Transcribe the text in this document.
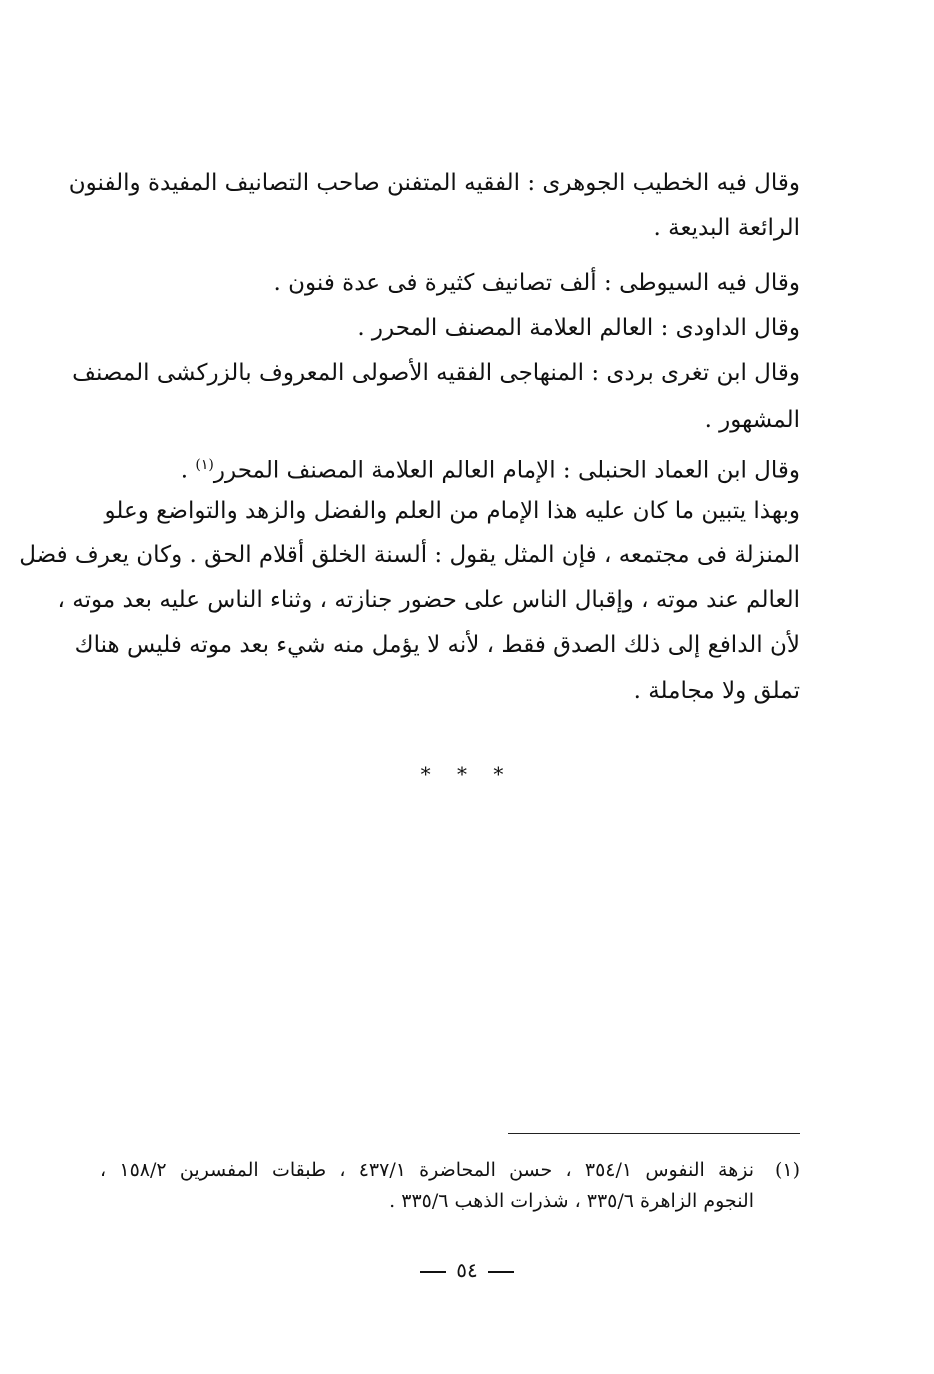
وقال فيه الخطيب الجوهرى : الفقيه المتفنن صاحب التصانيف المفيدة والفنون
الرائعة البديعة .
وقال فيه السيوطى : ألف تصانيف كثيرة فى عدة فنون .
وقال الداودى : العالم العلامة المصنف المحرر .
وقال ابن تغرى بردى : المنهاجى الفقيه الأصولى المعروف بالزركشى المصنف
المشهور .
وقال ابن العماد الحنبلى : الإمام العالم العلامة المصنف المحرر$^{(١)}$ .
وبهذا يتبين ما كان عليه هذا الإمام من العلم والفضل والزهد والتواضع وعلو
المنزلة فى مجتمعه ، فإن المثل يقول : ألسنة الخلق أقلام الحق . وكان يعرف فضل
العالم عند موته ، وإقبال الناس على حضور جنازته ، وثناء الناس عليه بعد موته ،
لأن الدافع إلى ذلك الصدق فقط ، لأنه لا يؤمل منه شيء بعد موته فليس هناك
تملق ولا مجاملة .
* * *
(١)
نزهة النفوس ٣٥٤/١ ، حسن المحاضرة ٤٣٧/١ ، طبقات المفسرين ١٥٨/٢ ،
النجوم الزاهرة ٣٣٥/٦ ، شذرات الذهب ٣٣٥/٦ .
٥٤
